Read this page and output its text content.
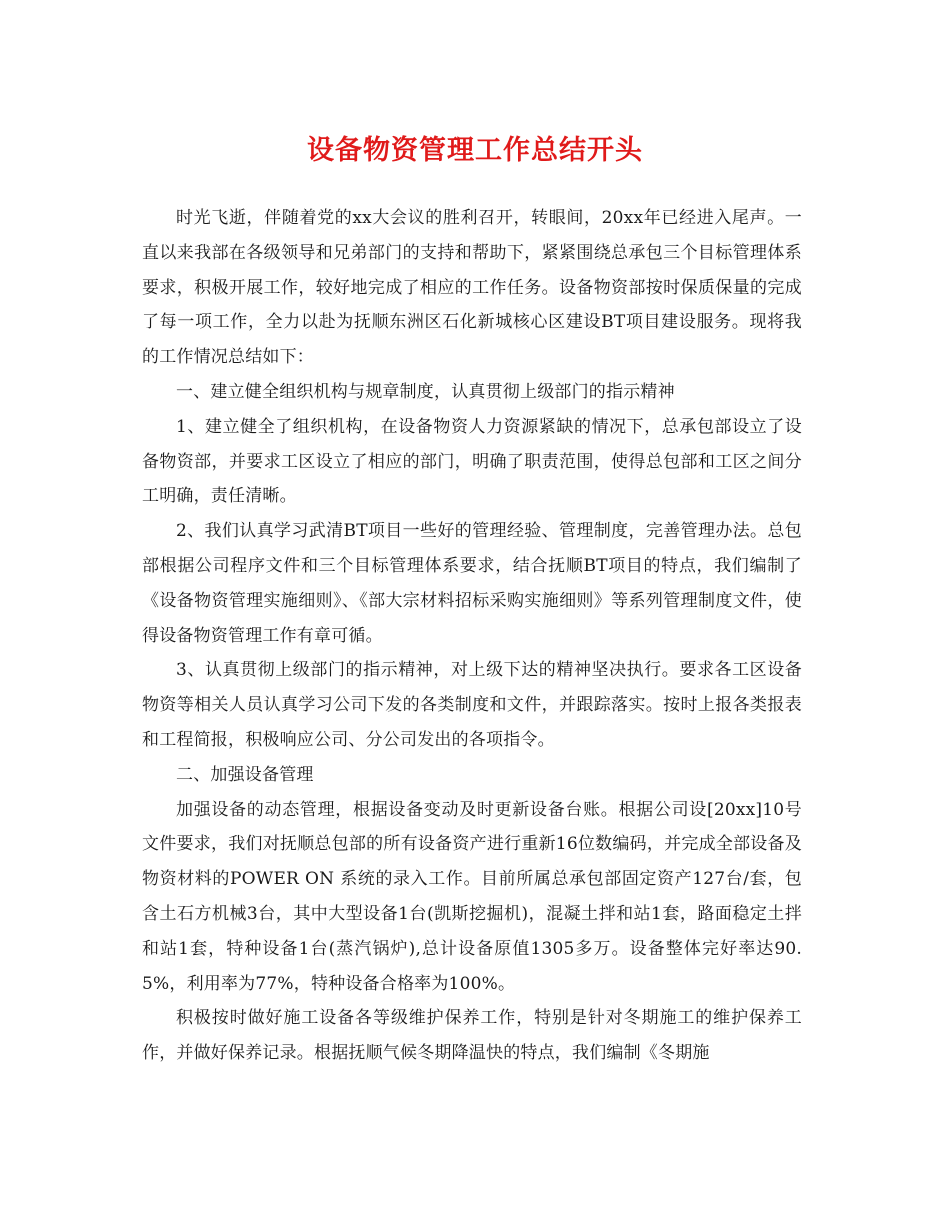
设备物资管理工作总结开头

时光飞逝，伴随着党的xx大会议的胜利召开，转眼间，20xx年已经进入尾声。一直以来我部在各级领导和兄弟部门的支持和帮助下，紧紧围绕总承包三个目标管理体系要求，积极开展工作，较好地完成了相应的工作任务。设备物资部按时保质保量的完成了每一项工作，全力以赴为抚顺东洲区石化新城核心区建设BT项目建设服务。现将我的工作情况总结如下：

一、建立健全组织机构与规章制度，认真贯彻上级部门的指示精神

1、建立健全了组织机构，在设备物资人力资源紧缺的情况下，总承包部设立了设备物资部，并要求工区设立了相应的部门，明确了职责范围，使得总包部和工区之间分工明确，责任清晰。

2、我们认真学习武清BT项目一些好的管理经验、管理制度，完善管理办法。总包部根据公司程序文件和三个目标管理体系要求，结合抚顺BT项目的特点，我们编制了《设备物资管理实施细则》、《部大宗材料招标采购实施细则》等系列管理制度文件，使得设备物资管理工作有章可循。

3、认真贯彻上级部门的指示精神，对上级下达的精神坚决执行。要求各工区设备物资等相关人员认真学习公司下发的各类制度和文件，并跟踪落实。按时上报各类报表和工程简报，积极响应公司、分公司发出的各项指令。

二、加强设备管理

加强设备的动态管理，根据设备变动及时更新设备台账。根据公司设[20xx]10号文件要求，我们对抚顺总包部的所有设备资产进行重新16位数编码，并完成全部设备及物资材料的POWER ON 系统的录入工作。目前所属总承包部固定资产127台/套，包含土石方机械3台，其中大型设备1台(凯斯挖掘机)，混凝土拌和站1套，路面稳定土拌和站1套，特种设备1台(蒸汽锅炉),总计设备原值1305多万。设备整体完好率达90.5%，利用率为77%，特种设备合格率为100%。

积极按时做好施工设备各等级维护保养工作，特别是针对冬期施工的维护保养工作，并做好保养记录。根据抚顺气候冬期降温快的特点，我们编制《冬期施
